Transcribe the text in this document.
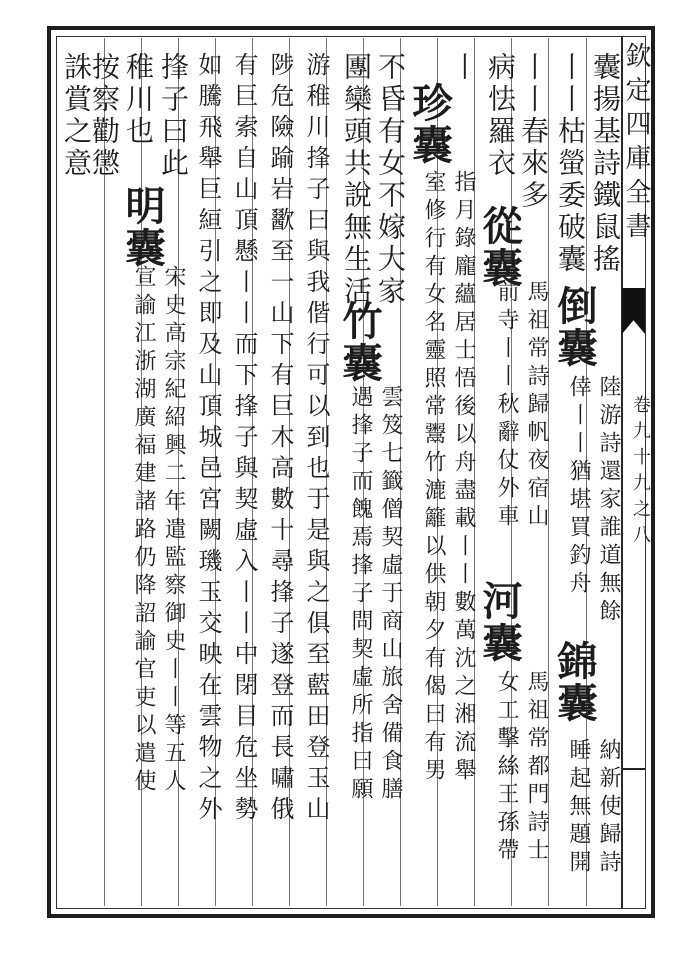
欽定四庫全書
卷九十九之八
囊揚基詩鐵鼠搖
丨丨枯螢委破囊
倒囊
陸游詩還家誰道無餘
倖丨丨猶堪買釣舟
錦囊
納新使歸詩
睡起無題開
病怯羅衣 丨丨春來多
從囊
馬祖常詩歸帆夜宿山
前寺丨丨秋辭仗外車
河囊
馬祖常都門詩士
女工擊絲王孫帶
丨
珍囊
指月錄龐蘊居士悟後以舟盡載丨丨數萬沈之湘流舉
室修行有女名靈照常鬻竹漉籬以供朝夕有偈曰有男
不昏有女不嫁大家
團欒頭共說無生活
竹囊
雲笈七籤僧契虛于商山旅舍備食膳
遇捀子而餽焉捀子問契虛所指曰願
游稚川捀子曰與我偕行可以到也于是與之俱至藍田登玉山
陟危險踰岩歠至一山下有巨木高數十尋捀子遂登而長嘯俄
有巨索自山頂懸丨丨而下捀子與契虛入丨丨中閉目危坐勢
如騰飛舉巨絙引之即及山頂城邑宮闕璣玉交映在雲物之外
捀子曰此
稚川也
明囊
宋史高宗紀紹興二年遣監察御史丨丨等五人
宣諭江浙湖廣福建諸路仍降詔諭官吏以遣使
按察勸懲
誅賞之意
